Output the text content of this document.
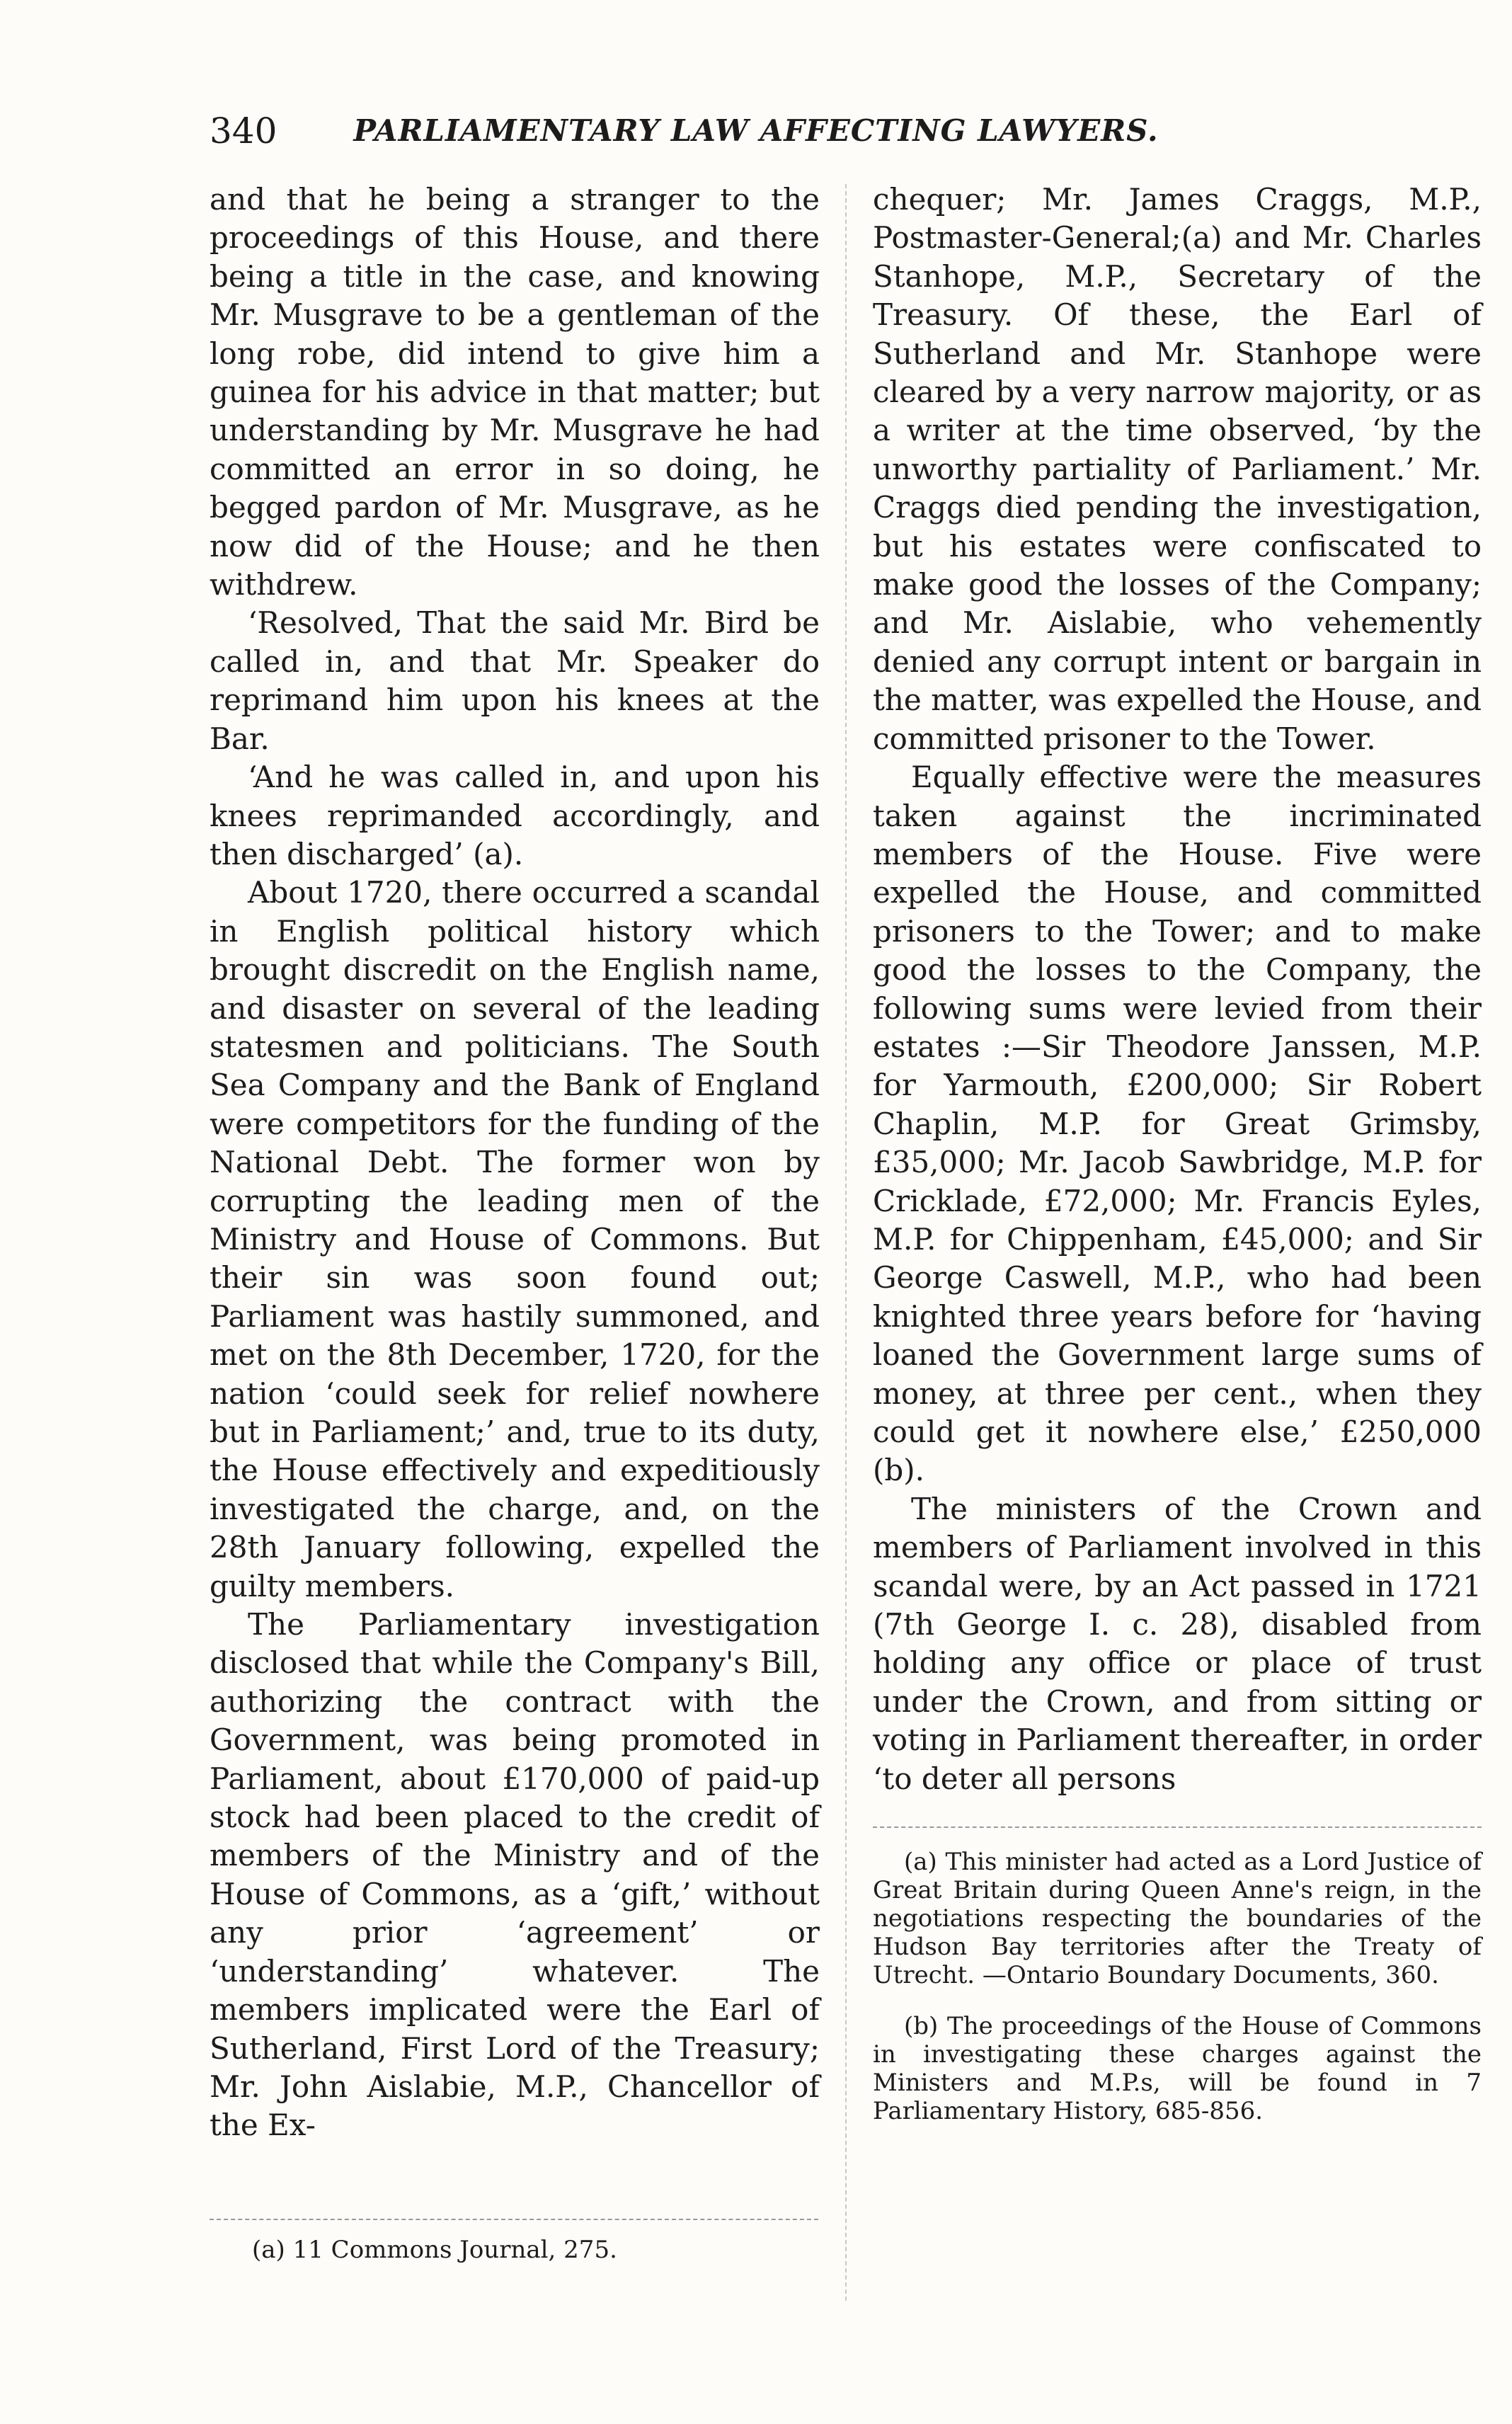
340	PARLIAMENTARY LAW AFFECTING LAWYERS.

and that he being a stranger to the proceedings of this House, and there being a title in the case, and knowing Mr. Musgrave to be a gentleman of the long robe, did intend to give him a guinea for his advice in that matter; but understanding by Mr. Musgrave he had committed an error in so doing, he begged pardon of Mr. Musgrave, as he now did of the House; and he then withdrew.

‘Resolved, That the said Mr. Bird be called in, and that Mr. Speaker do reprimand him upon his knees at the Bar.

‘And he was called in, and upon his knees reprimanded accordingly, and then discharged’ (a).

About 1720, there occurred a scandal in English political history which brought discredit on the English name, and disaster on several of the leading statesmen and politicians. The South Sea Company and the Bank of England were competitors for the funding of the National Debt. The former won by corrupting the leading men of the Ministry and House of Commons. But their sin was soon found out; Parliament was hastily summoned, and met on the 8th December, 1720, for the nation ‘could seek for relief nowhere but in Parliament;’ and, true to its duty, the House effectively and expeditiously investigated the charge, and, on the 28th January following, expelled the guilty members.

The Parliamentary investigation disclosed that while the Company's Bill, authorizing the contract with the Government, was being promoted in Parliament, about £170,000 of paid-up stock had been placed to the credit of members of the Ministry and of the House of Commons, as a ‘gift,’ without any prior ‘agreement’ or ‘understanding’ whatever. The members implicated were the Earl of Sutherland, First Lord of the Treasury; Mr. John Aislabie, M.P., Chancellor of the Ex-

chequer; Mr. James Craggs, M.P., Postmaster-General;(a) and Mr. Charles Stanhope, M.P., Secretary of the Treasury. Of these, the Earl of Sutherland and Mr. Stanhope were cleared by a very narrow majority, or as a writer at the time observed, ‘by the unworthy partiality of Parliament.’ Mr. Craggs died pending the investigation, but his estates were confiscated to make good the losses of the Company; and Mr. Aislabie, who vehemently denied any corrupt intent or bargain in the matter, was expelled the House, and committed prisoner to the Tower.

Equally effective were the measures taken against the incriminated members of the House. Five were expelled the House, and committed prisoners to the Tower; and to make good the losses to the Company, the following sums were levied from their estates :—Sir Theodore Janssen, M.P. for Yarmouth, £200,000; Sir Robert Chaplin, M.P. for Great Grimsby, £35,000; Mr. Jacob Sawbridge, M.P. for Cricklade, £72,000; Mr. Francis Eyles, M.P. for Chippenham, £45,000; and Sir George Caswell, M.P., who had been knighted three years before for ‘having loaned the Government large sums of money, at three per cent., when they could get it nowhere else,’ £250,000 (b).

The ministers of the Crown and members of Parliament involved in this scandal were, by an Act passed in 1721 (7th George I. c. 28), disabled from holding any office or place of trust under the Crown, and from sitting or voting in Parliament thereafter, in order ‘to deter all persons

(a) 11 Commons Journal, 275.

(a) This minister had acted as a Lord Justice of Great Britain during Queen Anne's reign, in the negotiations respecting the boundaries of the Hudson Bay territories after the Treaty of Utrecht. —Ontario Boundary Documents, 360.

(b) The proceedings of the House of Commons in investigating these charges against the Ministers and M.P.s, will be found in 7 Parliamentary History, 685-856.
